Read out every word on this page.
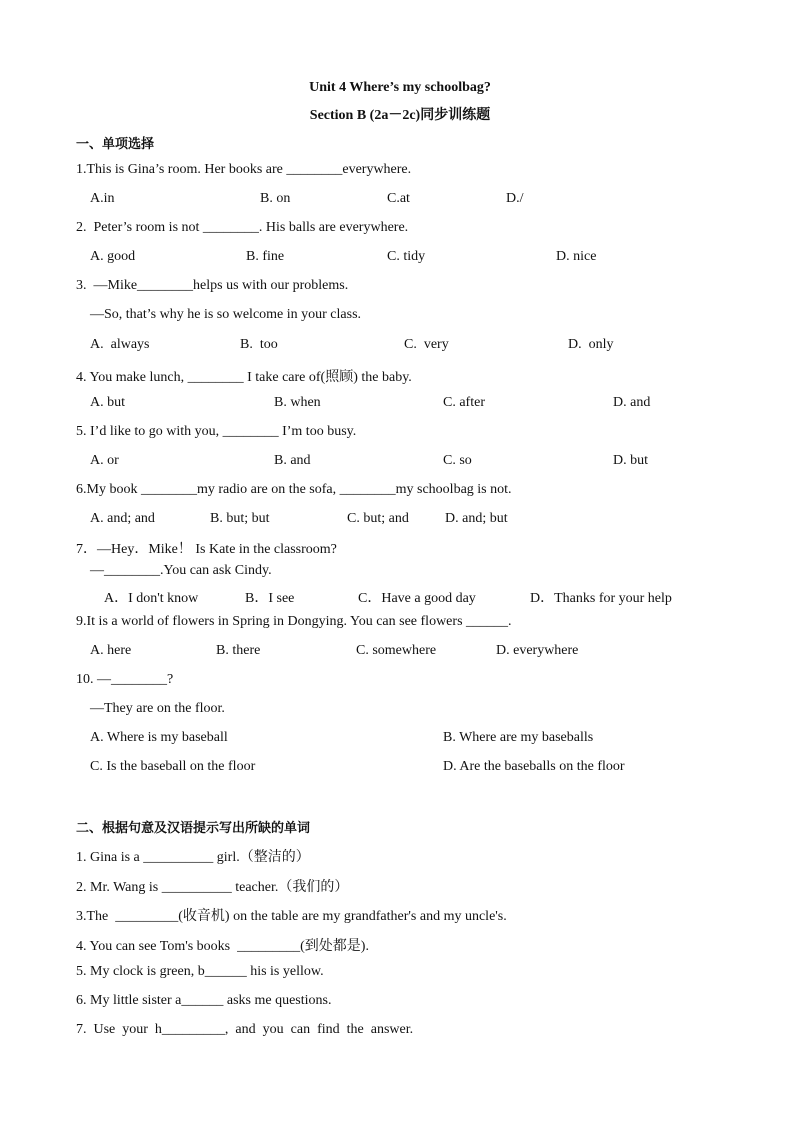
Unit 4 Where’s my schoolbag?
Section B (2a－2c)同步训练题
一、单项选择
1.This is Gina’s room. Her books are ________everywhere.
A.in	B. on	C.at	D./
2.  Peter’s room is not ________. His balls are everywhere.
A. good	B. fine	C. tidy	D. nice
3.  —Mike________helps us with our problems.
—So, that’s why he is so welcome in your class.
A.  always	B.  too	C.  very	D.  only
4. You make lunch, ________ I take care of(照顾) the baby.
A. but	B. when	C. after	D. and
5. I’d like to go with you, ________ I’m too busy.
A. or	B. and	C. so	D. but
6.My book ________my radio are on the sofa, ________my schoolbag is not.
A. and; and	B. but; but	C. but; and	D. and; but
7．—Hey．Mike！ Is Kate in the classroom?
—________.You can ask Cindy.
A．I don't know	B．I see	C．Have a good day	D．Thanks for your help
9.It is a world of flowers in Spring in Dongying. You can see flowers ______.
A. here	B. there	C. somewhere	D. everywhere
10. —________?
—They are on the floor.
A. Where is my baseball	B. Where are my baseballs
C. Is the baseball on the floor	D. Are the baseballs on the floor
二、根据句意及汉语提示写出所缺的单词
1. Gina is a __________ girl.（整洁的）
2. Mr. Wang is __________ teacher.（我们的）
3.The  _________(收音机) on the table are my grandfather's and my uncle's.
4. You can see Tom's books  _________(到处都是).
5. My clock is green, b______ his is yellow.
6. My little sister a______ asks me questions.
7.  Use  your  h_________,  and  you  can  find  the  answer.
